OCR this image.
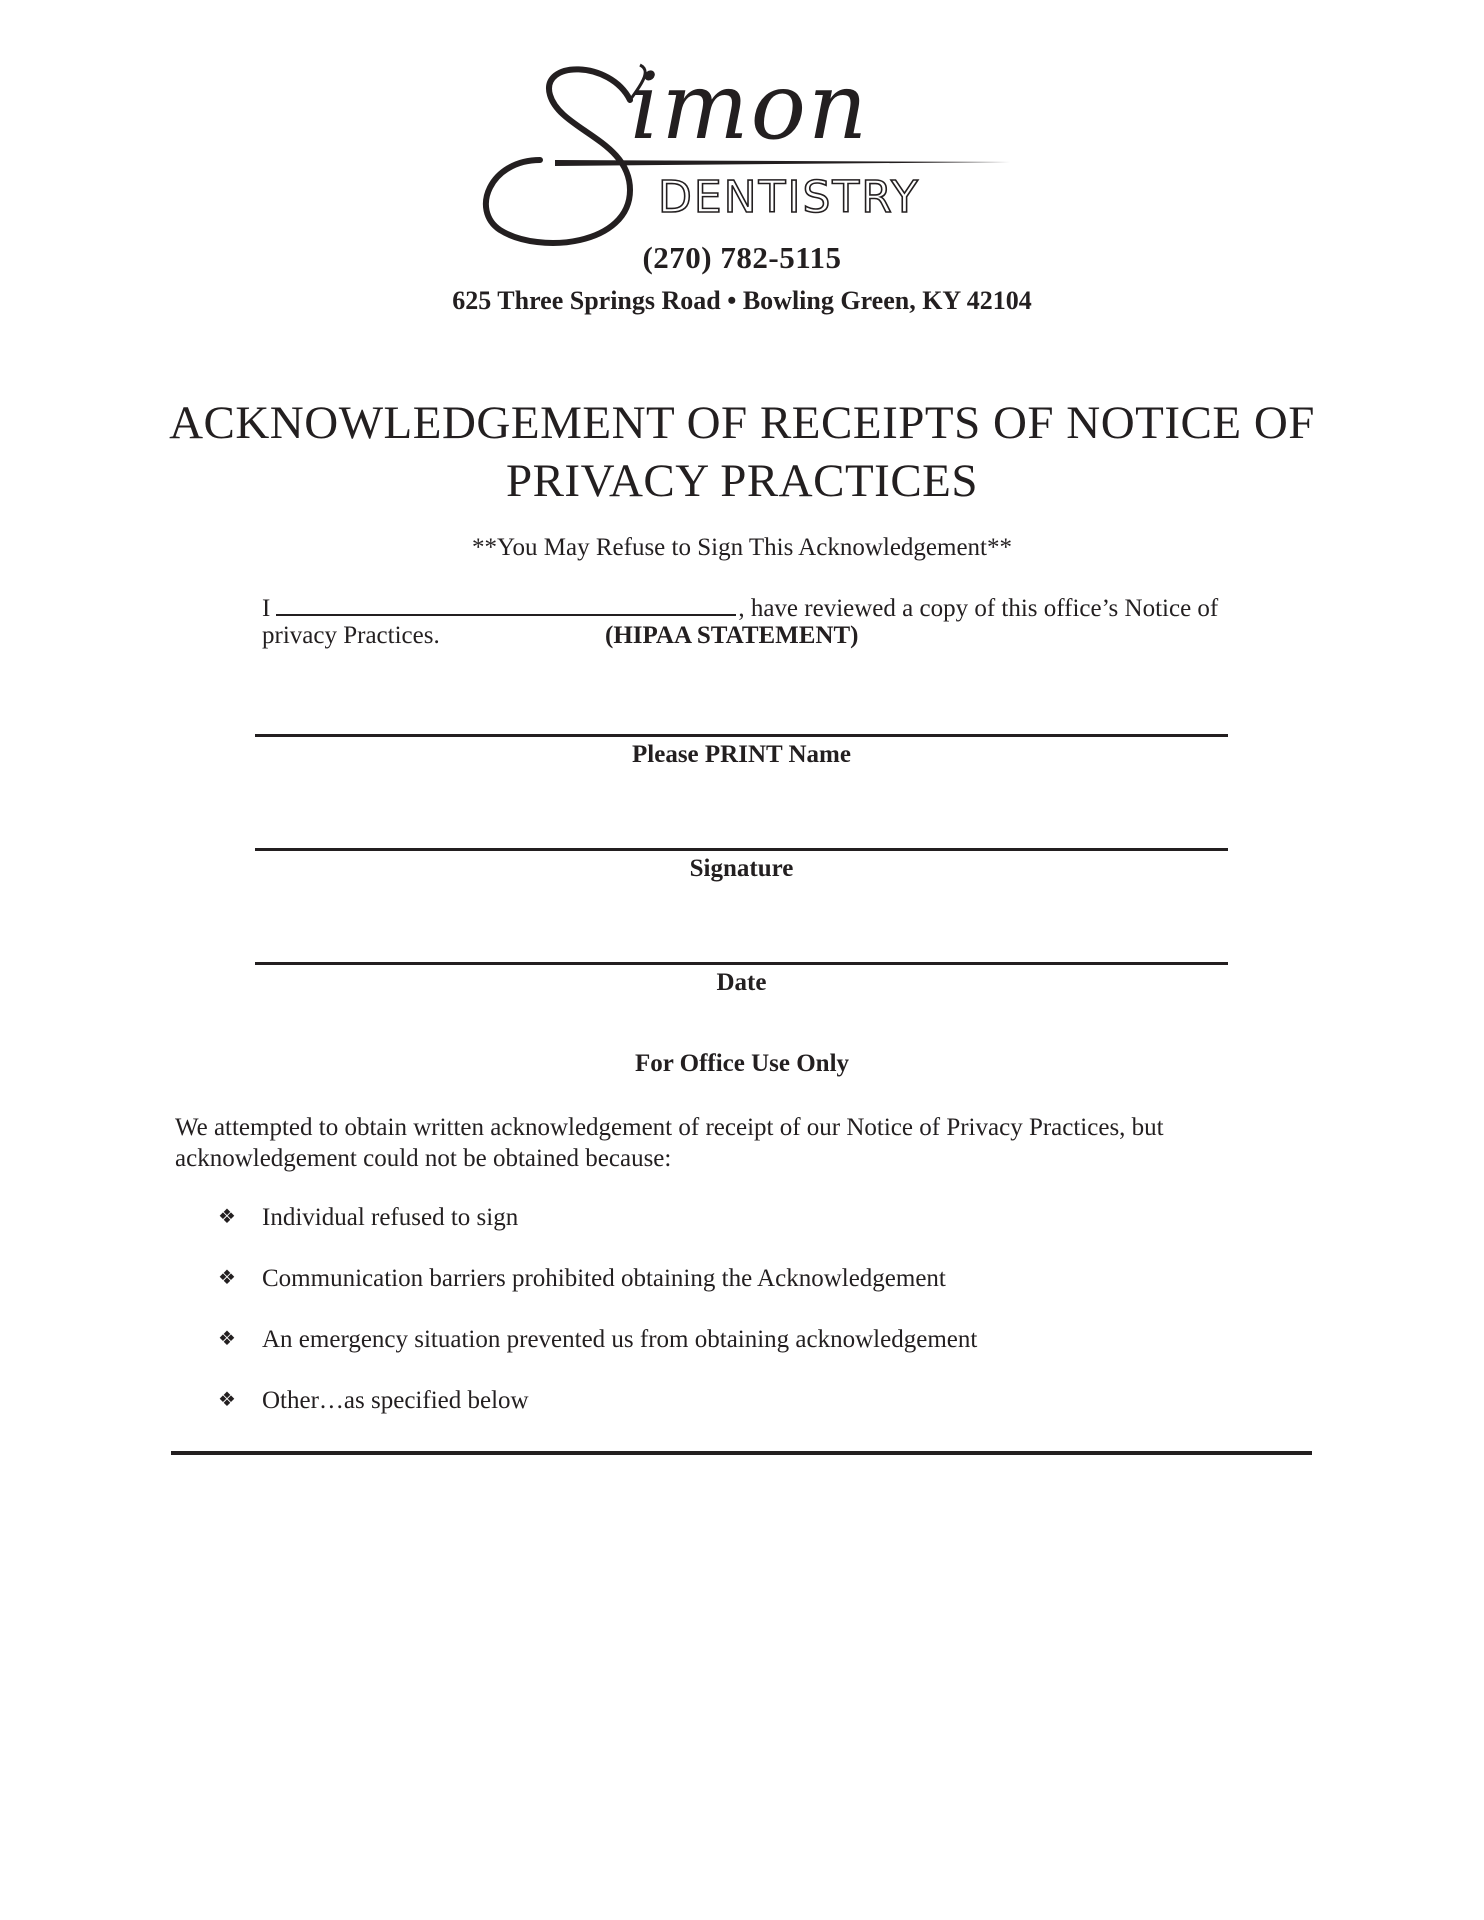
imon
DENTISTRY
(270) 782-5115
625 Three Springs Road • Bowling Green, KY 42104
ACKNOWLEDGEMENT OF RECEIPTS OF NOTICE OF PRIVACY PRACTICES
**You May Refuse to Sign This Acknowledgement**
I	, have reviewed a copy of this office’s Notice of
privacy Practices.	(HIPAA STATEMENT)
Please PRINT Name
Signature
Date
For Office Use Only
We attempted to obtain written acknowledgement of receipt of our Notice of Privacy Practices, but acknowledgement could not be obtained because:
❖ Individual refused to sign
❖ Communication barriers prohibited obtaining the Acknowledgement
❖ An emergency situation prevented us from obtaining acknowledgement
❖ Other…as specified below
